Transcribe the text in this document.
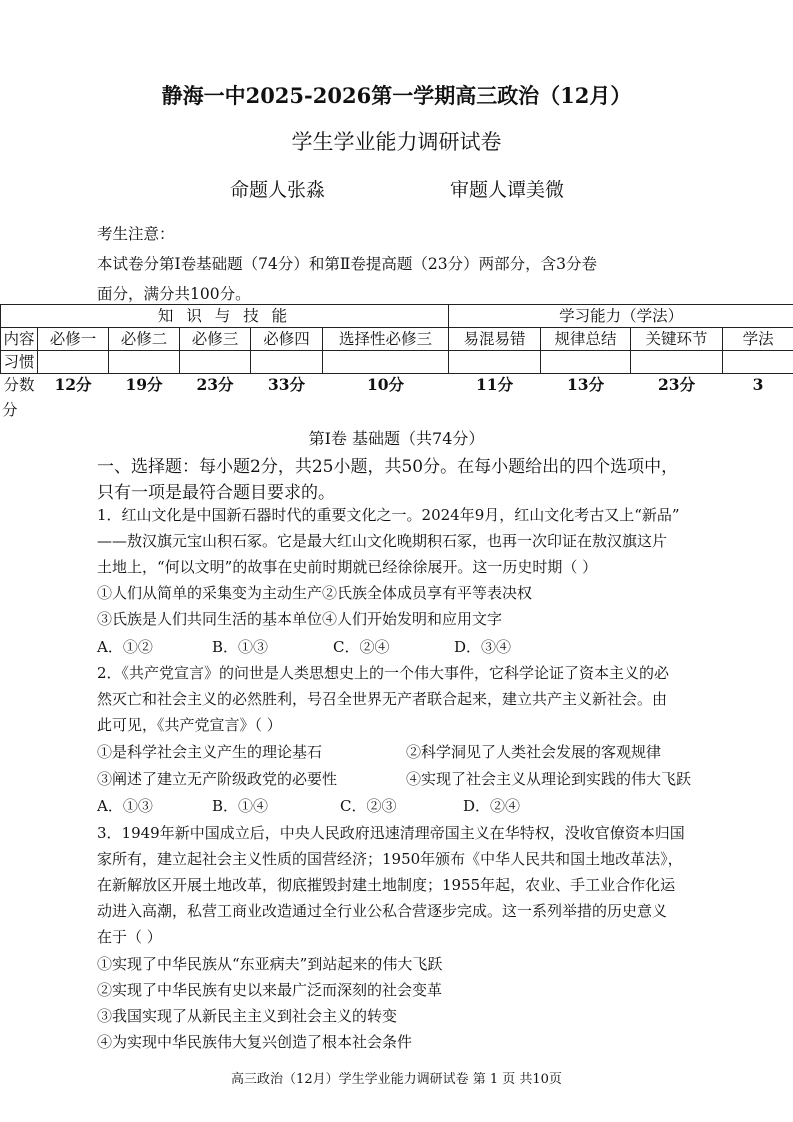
静海一中2025-2026第一学期高三政治（12月）
学生学业能力调研试卷
命题人张淼	审题人谭美微
考生注意：
本试卷分第Ⅰ卷基础题（74分）和第Ⅱ卷提高题（23分）两部分，含3分卷
面分，满分共100分。
知 识 与 技 能						学习能力（学法）			
内容	必修一	必修二	必修三	必修四	选择性必修三	易混易错	规律总结	关键环节	学法
习惯									
分数	12分	19分	23分	33分	10分	11分	13分	23分	3
分
第Ⅰ卷 基础题（共74分）
一、选择题：每小题2分，共25小题，共50分。在每小题给出的四个选项中，
只有一项是最符合题目要求的。
1．红山文化是中国新石器时代的重要文化之一。2024年9月，红山文化考古又上“新品”
——敖汉旗元宝山积石冢。它是最大红山文化晚期积石冢，也再一次印证在敖汉旗这片
土地上，“何以文明”的故事在史前时期就已经徐徐展开。这一历史时期（ ）
①人们从简单的采集变为主动生产②氏族全体成员享有平等表决权
③氏族是人们共同生活的基本单位④人们开始发明和应用文字
A．①②	B．①③	C．②④	D．③④
2．《共产党宣言》的问世是人类思想史上的一个伟大事件，它科学论证了资本主义的必
然灭亡和社会主义的必然胜利，号召全世界无产者联合起来，建立共产主义新社会。由
此可见，《共产党宣言》（ ）
①是科学社会主义产生的理论基石	②科学洞见了人类社会发展的客观规律
③阐述了建立无产阶级政党的必要性	④实现了社会主义从理论到实践的伟大飞跃
A．①③	B．①④	C．②③	D．②④
3．1949年新中国成立后，中央人民政府迅速清理帝国主义在华特权，没收官僚资本归国
家所有，建立起社会主义性质的国营经济；1950年颁布《中华人民共和国土地改革法》，
在新解放区开展土地改革，彻底摧毁封建土地制度；1955年起，农业、手工业合作化运
动进入高潮，私营工商业改造通过全行业公私合营逐步完成。这一系列举措的历史意义
在于（ ）
①实现了中华民族从“东亚病夫”到站起来的伟大飞跃
②实现了中华民族有史以来最广泛而深刻的社会变革
③我国实现了从新民主主义到社会主义的转变
④为实现中华民族伟大复兴创造了根本社会条件
高三政治（12月）学生学业能力调研试卷 第 1 页 共10页
